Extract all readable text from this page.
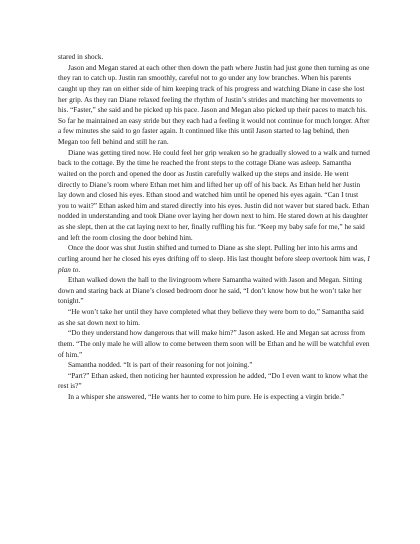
stared in shock.

Jason and Megan stared at each other then down the path where Justin had just gone then turning as one they ran to catch up. Justin ran smoothly, careful not to go under any low branches. When his parents caught up they ran on either side of him keeping track of his progress and watching Diane in case she lost her grip. As they ran Diane relaxed feeling the rhythm of Justin’s strides and matching her movements to his. “Faster,” she said and he picked up his pace. Jason and Megan also picked up their paces to match his. So far he maintained an easy stride but they each had a feeling it would not continue for much longer. After a few minutes she said to go faster again. It continued like this until Jason started to lag behind, then Megan too fell behind and still he ran.

Diane was getting tired now. He could feel her grip weaken so he gradually slowed to a walk and turned back to the cottage. By the time he reached the front steps to the cottage Diane was asleep. Samantha waited on the porch and opened the door as Justin carefully walked up the steps and inside. He went directly to Diane’s room where Ethan met him and lifted her up off of his back. As Ethan held her Justin lay down and closed his eyes. Ethan stood and watched him until he opened his eyes again. “Can I trust you to wait?” Ethan asked him and stared directly into his eyes. Justin did not waver but stared back. Ethan nodded in understanding and took Diane over laying her down next to him. He stared down at his daughter as she slept, then at the cat laying next to her, finally ruffling his fur. “Keep my baby safe for me,” he said and left the room closing the door behind him.

Once the door was shut Justin shifted and turned to Diane as she slept. Pulling her into his arms and curling around her he closed his eyes drifting off to sleep. His last thought before sleep overtook him was, I plan to.

Ethan walked down the hall to the livingroom where Samantha waited with Jason and Megan. Sitting down and staring back at Diane’s closed bedroom door he said, “I don’t know how but he won’t take her tonight.”

“He won’t take her until they have completed what they believe they were born to do,” Samantha said as she sat down next to him.

“Do they understand how dangerous that will make him?” Jason asked. He and Megan sat across from them. “The only male he will allow to come between them soon will be Ethan and he will be watchful even of him.”

Samantha nodded. “It is part of their reasoning for not joining.”

“Part?” Ethan asked, then noticing her haunted expression he added, “Do I even want to know what the rest is?”

In a whisper she answered, “He wants her to come to him pure. He is expecting a virgin bride.”
